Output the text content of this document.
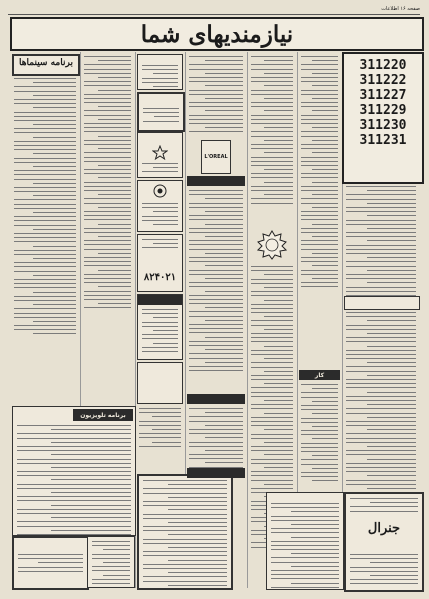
صفحه ۱۶ اطلاعات
نیازمندیهای شما
برنامه سینماها
برنامه تلویزیون
۸۲۴۰۲۱
L'OREAL
کار
311220
311222
311227
311229
311230
311231
جنرال
